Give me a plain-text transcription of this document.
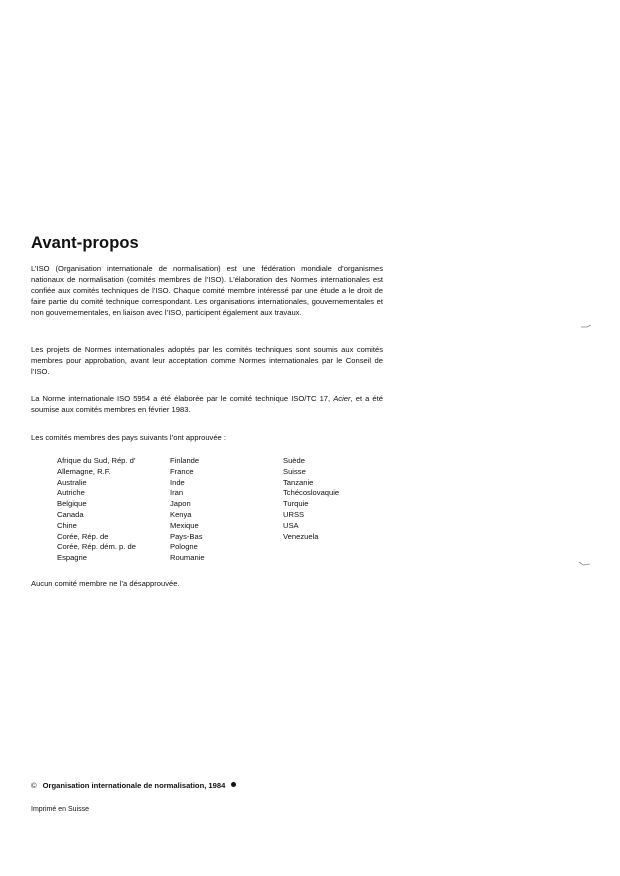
Avant-propos

L’ISO (Organisation internationale de normalisation) est une fédération mondiale d’organismes nationaux de normalisation (comités membres de l’ISO). L’élaboration des Normes internationales est confiée aux comités techniques de l’ISO. Chaque comité membre intéressé par une étude a le droit de faire partie du comité technique correspondant. Les organisations internationales, gouvernementales et non gouvernementales, en liaison avec l’ISO, participent également aux travaux.

Les projets de Normes internationales adoptés par les comités techniques sont soumis aux comités membres pour approbation, avant leur acceptation comme Normes internationales par le Conseil de l’ISO.

La Norme internationale ISO 5954 a été élaborée par le comité technique ISO/TC 17, Acier, et a été soumise aux comités membres en février 1983.

Les comités membres des pays suivants l’ont approuvée :

Afrique du Sud, Rép. d’
Allemagne, R.F.
Australie
Autriche
Belgique
Canada
Chine
Corée, Rép. de
Corée, Rép. dém. p. de
Espagne
Finlande
France
Inde
Iran
Japon
Kenya
Mexique
Pays-Bas
Pologne
Roumanie
Suède
Suisse
Tanzanie
Tchécoslovaquie
Turquie
URSS
USA
Venezuela

Aucun comité membre ne l’a désapprouvée.

© Organisation internationale de normalisation, 1984
Imprimé en Suisse
